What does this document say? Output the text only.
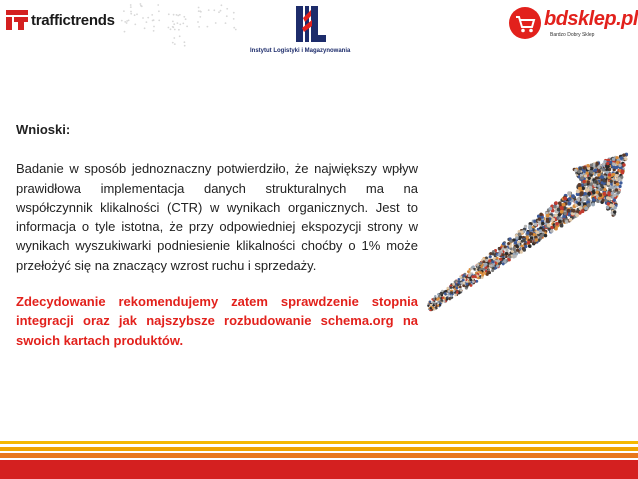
traffictrends
Instytut Logistyki i Magazynowania
bdsklep.pl
Bardzo Dobry Sklep

Wnioski:

Badanie w sposób jednoznaczny potwierdziło, że największy wpływ prawidłowa implementacja danych strukturalnych ma na współczynnik klikalności (CTR) w wynikach organicznych. Jest to informacja o tyle istotna, że przy odpowiedniej ekspozycji strony w wynikach wyszukiwarki podniesienie klikalności choćby o 1% może przełożyć się na znaczący wzrost ruchu i sprzedaży.

Zdecydowanie rekomendujemy zatem sprawdzenie stopnia integracji oraz jak najszybsze rozbudowanie schema.org na swoich kartach produktów.
